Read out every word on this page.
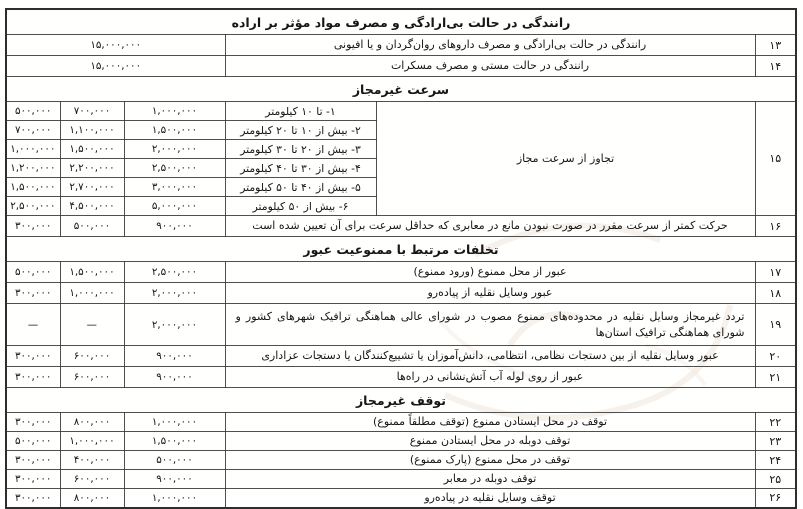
رانندگی در حالت بی‌ارادگی و مصرف مواد مؤثر بر اراده					
۱۳	رانندگی در حالت بی‌ارادگی و مصرف داروهای روان‌گردان و یا افیونی		۱۵,۰۰۰,۰۰۰		
۱۴	رانندگی در حالت مستی و مصرف مسکرات		۱۵,۰۰۰,۰۰۰		
سرعت غیرمجاز					
۱۵	تجاوز از سرعت مجاز	۱- تا ۱۰ کیلومتر	۱,۰۰۰,۰۰۰	۷۰۰,۰۰۰	۵۰۰,۰۰۰
		۲- بیش از ۱۰ تا ۲۰ کیلومتر	۱,۵۰۰,۰۰۰	۱,۱۰۰,۰۰۰	۷۰۰,۰۰۰
		۳- بیش از ۲۰ تا ۳۰ کیلومتر	۲,۰۰۰,۰۰۰	۱,۵۰۰,۰۰۰	۱,۰۰۰,۰۰۰
		۴- بیش از ۳۰ تا ۴۰ کیلومتر	۲,۵۰۰,۰۰۰	۲,۲۰۰,۰۰۰	۱,۲۰۰,۰۰۰
		۵- بیش از ۴۰ تا ۵۰ کیلومتر	۳,۰۰۰,۰۰۰	۲,۷۰۰,۰۰۰	۱,۵۰۰,۰۰۰
		۶- بیش از ۵۰ کیلومتر	۵,۰۰۰,۰۰۰	۴,۵۰۰,۰۰۰	۲,۵۰۰,۰۰۰
۱۶	حرکت کمتر از سرعت مقرر در صورت نبودن مانع در معابری که حداقل سرعت برای آن تعیین شده است		۹۰۰,۰۰۰	۵۰۰,۰۰۰	۳۰۰,۰۰۰
تخلفات مرتبط با ممنوعیت عبور					
۱۷	عبور از محل ممنوع (ورود ممنوع)		۲,۵۰۰,۰۰۰	۱,۵۰۰,۰۰۰	۵۰۰,۰۰۰
۱۸	عبور وسایل نقلیه از پیاده‌رو		۲,۰۰۰,۰۰۰	۱,۰۰۰,۰۰۰	۳۰۰,۰۰۰
۱۹	تردد غیرمجاز وسایل نقلیه در محدوده‌های ممنوع مصوب در شورای عالی هماهنگی ترافیک شهرهای کشور و شورای هماهنگی ترافیک استان‌ها		۲,۰۰۰,۰۰۰	—	—
۲۰	عبور وسایل نقلیه از بین دستجات نظامی، انتظامی، دانش‌آموزان یا تشییع‌کنندگان یا دستجات عزاداری		۹۰۰,۰۰۰	۶۰۰,۰۰۰	۳۰۰,۰۰۰
۲۱	عبور از روی لوله آب آتش‌نشانی در راه‌ها		۹۰۰,۰۰۰	۶۰۰,۰۰۰	۳۰۰,۰۰۰
توقف غیرمجاز					
۲۲	توقف در محل ایستادن ممنوع (توقف مطلقاً ممنوع)		۱,۰۰۰,۰۰۰	۸۰۰,۰۰۰	۳۰۰,۰۰۰
۲۳	توقف دوبله در محل ایستادن ممنوع		۱,۵۰۰,۰۰۰	۱,۰۰۰,۰۰۰	۵۰۰,۰۰۰
۲۴	توقف در محل ممنوع (پارک ممنوع)		۵۰۰,۰۰۰	۴۰۰,۰۰۰	۳۰۰,۰۰۰
۲۵	توقف دوبله در معابر		۹۰۰,۰۰۰	۶۰۰,۰۰۰	۳۰۰,۰۰۰
۲۶	توقف وسایل نقلیه در پیاده‌رو		۱,۰۰۰,۰۰۰	۸۰۰,۰۰۰	۳۰۰,۰۰۰
